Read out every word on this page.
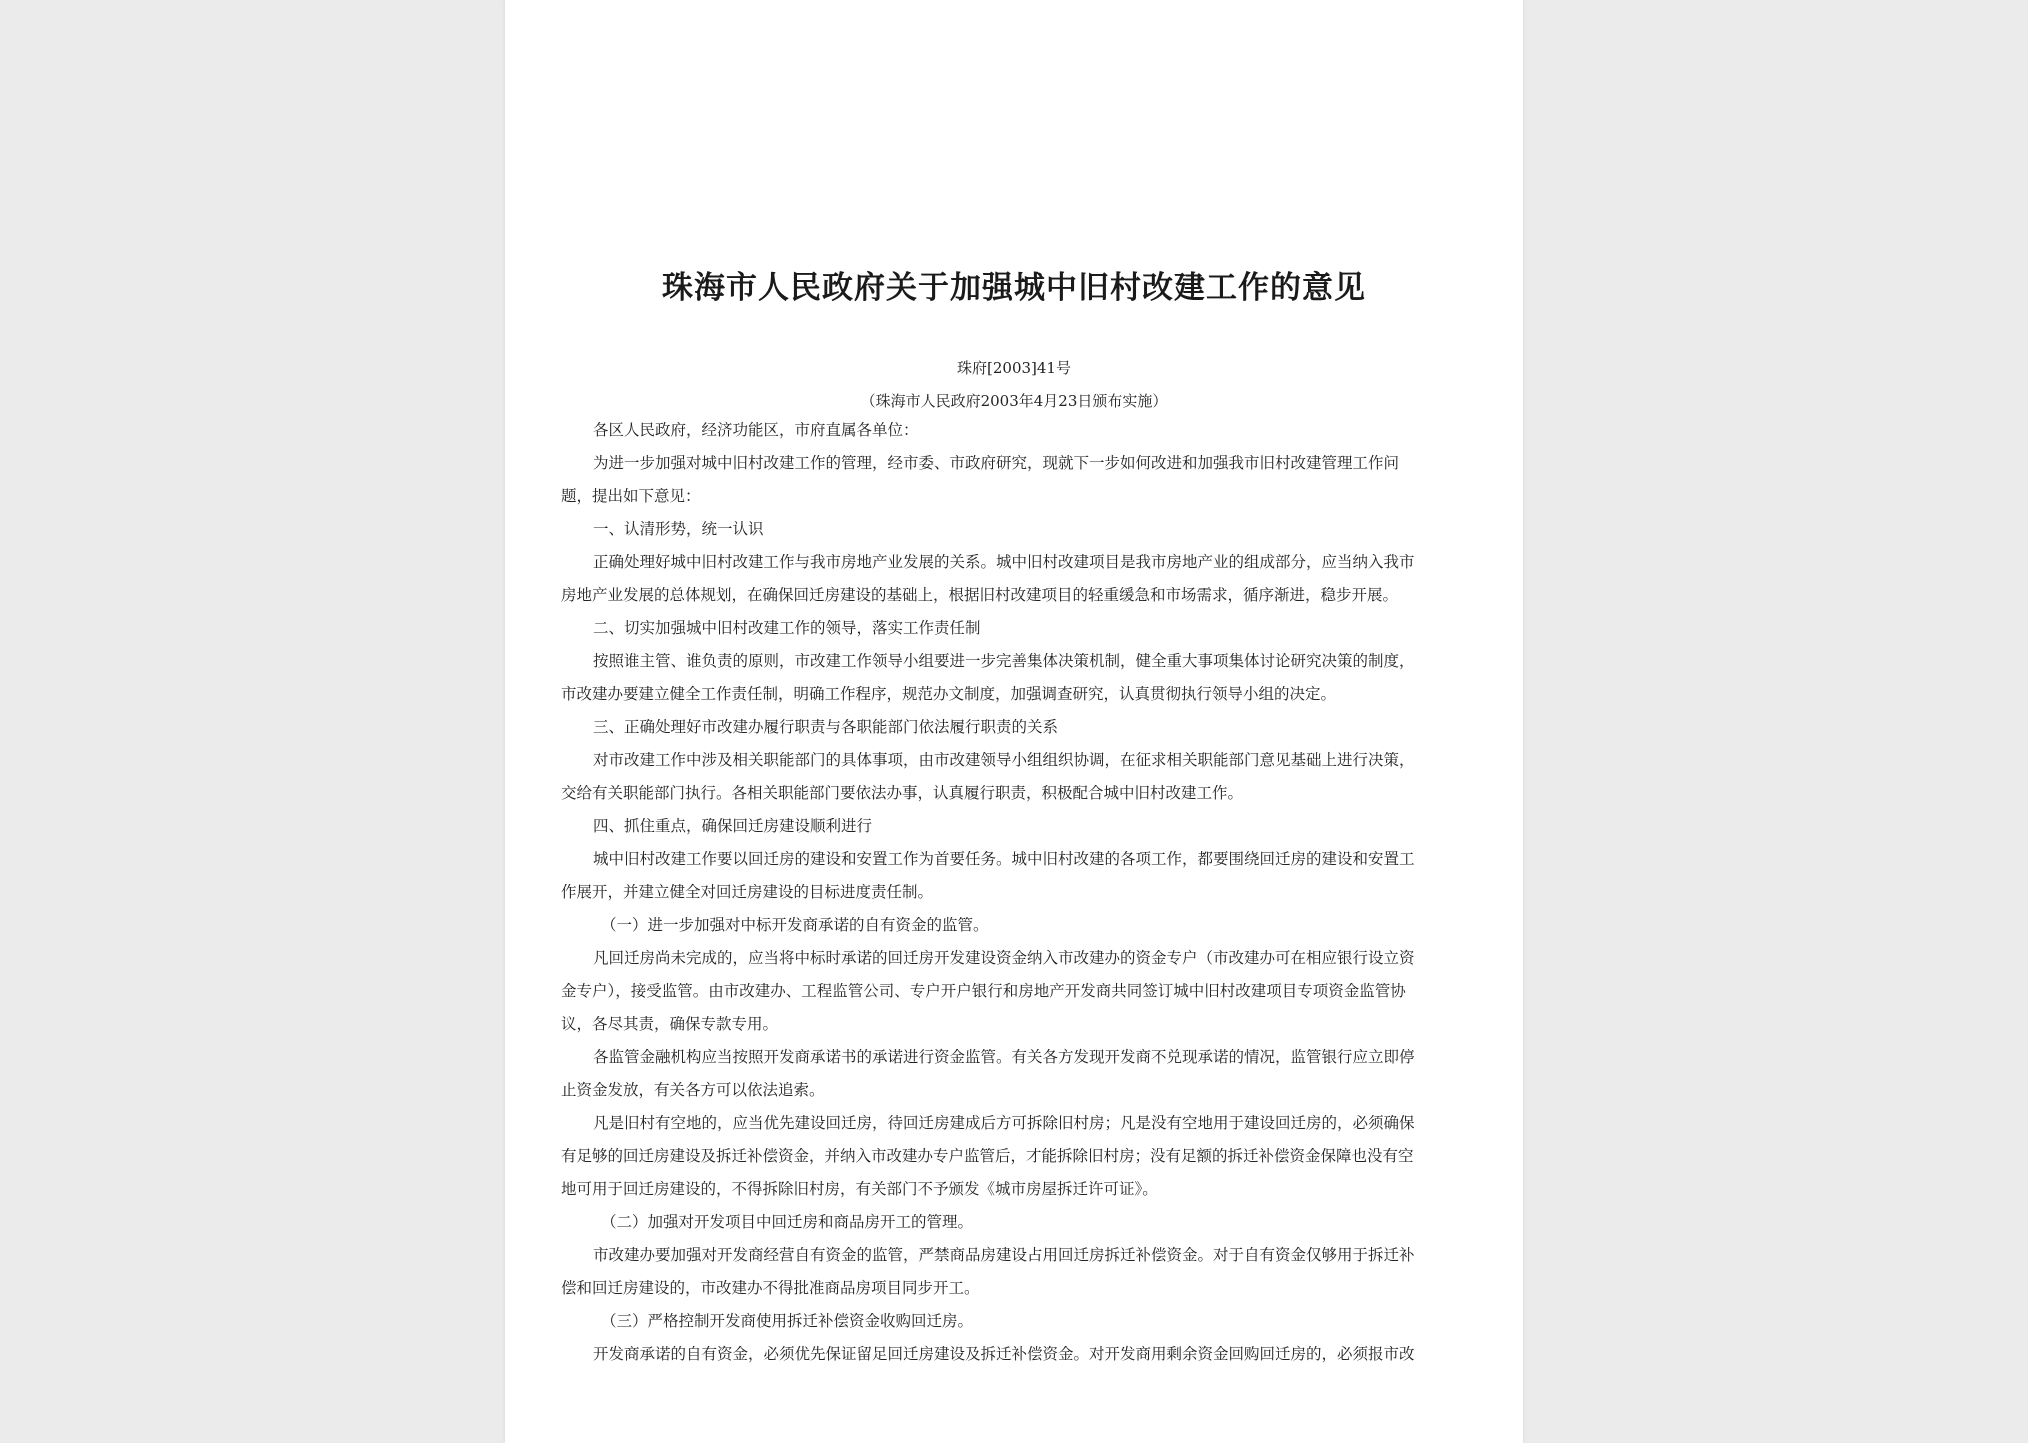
珠海市人民政府关于加强城中旧村改建工作的意见
珠府[2003]41号
（珠海市人民政府2003年4月23日颁布实施）
各区人民政府，经济功能区，市府直属各单位：
为进一步加强对城中旧村改建工作的管理，经市委、市政府研究，现就下一步如何改进和加强我市旧村改建管理工作问
题，提出如下意见：
一、认清形势，统一认识
正确处理好城中旧村改建工作与我市房地产业发展的关系。城中旧村改建项目是我市房地产业的组成部分，应当纳入我市
房地产业发展的总体规划，在确保回迁房建设的基础上，根据旧村改建项目的轻重缓急和市场需求，循序渐进，稳步开展。
二、切实加强城中旧村改建工作的领导，落实工作责任制
按照谁主管、谁负责的原则，市改建工作领导小组要进一步完善集体决策机制，健全重大事项集体讨论研究决策的制度，
市改建办要建立健全工作责任制，明确工作程序，规范办文制度，加强调查研究，认真贯彻执行领导小组的决定。
三、正确处理好市改建办履行职责与各职能部门依法履行职责的关系
对市改建工作中涉及相关职能部门的具体事项，由市改建领导小组组织协调，在征求相关职能部门意见基础上进行决策，
交给有关职能部门执行。各相关职能部门要依法办事，认真履行职责，积极配合城中旧村改建工作。
四、抓住重点，确保回迁房建设顺利进行
城中旧村改建工作要以回迁房的建设和安置工作为首要任务。城中旧村改建的各项工作，都要围绕回迁房的建设和安置工
作展开，并建立健全对回迁房建设的目标进度责任制。
（一）进一步加强对中标开发商承诺的自有资金的监管。
凡回迁房尚未完成的，应当将中标时承诺的回迁房开发建设资金纳入市改建办的资金专户（市改建办可在相应银行设立资
金专户），接受监管。由市改建办、工程监管公司、专户开户银行和房地产开发商共同签订城中旧村改建项目专项资金监管协
议，各尽其责，确保专款专用。
各监管金融机构应当按照开发商承诺书的承诺进行资金监管。有关各方发现开发商不兑现承诺的情况，监管银行应立即停
止资金发放，有关各方可以依法追索。
凡是旧村有空地的，应当优先建设回迁房，待回迁房建成后方可拆除旧村房；凡是没有空地用于建设回迁房的，必须确保
有足够的回迁房建设及拆迁补偿资金，并纳入市改建办专户监管后，才能拆除旧村房；没有足额的拆迁补偿资金保障也没有空
地可用于回迁房建设的，不得拆除旧村房，有关部门不予颁发《城市房屋拆迁许可证》。
（二）加强对开发项目中回迁房和商品房开工的管理。
市改建办要加强对开发商经营自有资金的监管，严禁商品房建设占用回迁房拆迁补偿资金。对于自有资金仅够用于拆迁补
偿和回迁房建设的，市改建办不得批准商品房项目同步开工。
（三）严格控制开发商使用拆迁补偿资金收购回迁房。
开发商承诺的自有资金，必须优先保证留足回迁房建设及拆迁补偿资金。对开发商用剩余资金回购回迁房的，必须报市改
